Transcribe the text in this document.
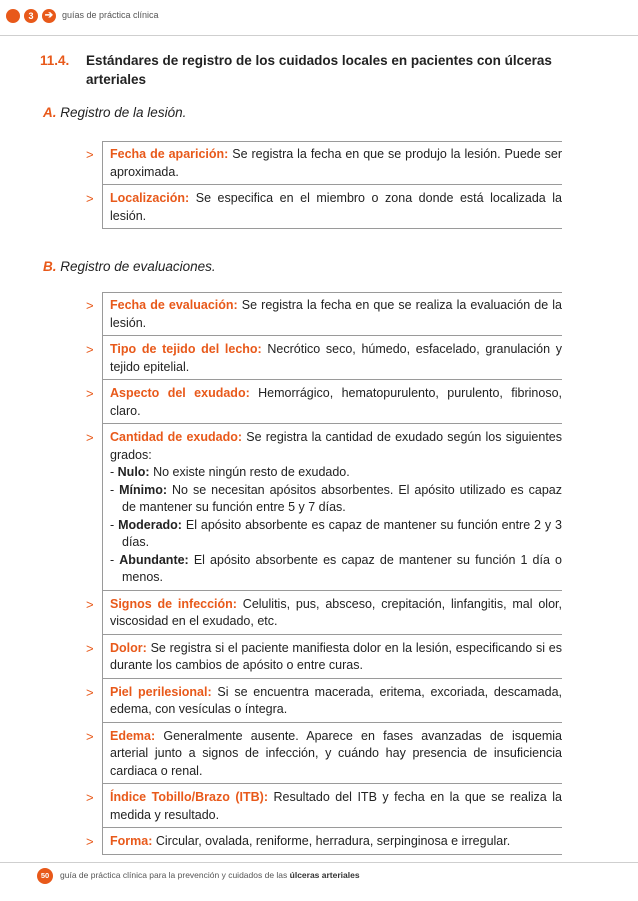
3	➔ guías de práctica clínica
11.4. Estándares de registro de los cuidados locales en pacientes con úlceras arteriales
A. Registro de la lesión.
> Fecha de aparición: Se registra la fecha en que se produjo la lesión. Puede ser aproximada.
> Localización: Se especifica en el miembro o zona donde está localizada la lesión.
B. Registro de evaluaciones.
> Fecha de evaluación: Se registra la fecha en que se realiza la evaluación de la lesión.
> Tipo de tejido del lecho: Necrótico seco, húmedo, esfacelado, granulación y tejido epitelial.
> Aspecto del exudado: Hemorrágico, hematopurulento, purulento, fibrinoso, claro.
> Cantidad de exudado: Se registra la cantidad de exudado según los siguientes grados:
- Nulo: No existe ningún resto de exudado.
- Mínimo: No se necesitan apósitos absorbentes. El apósito utilizado es capaz de mantener su función entre 5 y 7 días.
- Moderado: El apósito absorbente es capaz de mantener su función entre 2 y 3 días.
- Abundante: El apósito absorbente es capaz de mantener su función 1 día o menos.
> Signos de infección: Celulitis, pus, absceso, crepitación, linfangitis, mal olor, viscosidad en el exudado, etc.
> Dolor: Se registra si el paciente manifiesta dolor en la lesión, especificando si es durante los cambios de apósito o entre curas.
> Piel perilesional: Si se encuentra macerada, eritema, excoriada, descamada, edema, con vesículas o íntegra.
> Edema: Generalmente ausente. Aparece en fases avanzadas de isquemia arterial junto a signos de infección, y cuándo hay presencia de insuficiencia cardiaca o renal.
> Índice Tobillo/Brazo (ITB): Resultado del ITB y fecha en la que se realiza la medida y resultado.
> Forma: Circular, ovalada, reniforme, herradura, serpinginosa e irregular.
50	guía de práctica clínica para la prevención y cuidados de las úlceras arteriales
